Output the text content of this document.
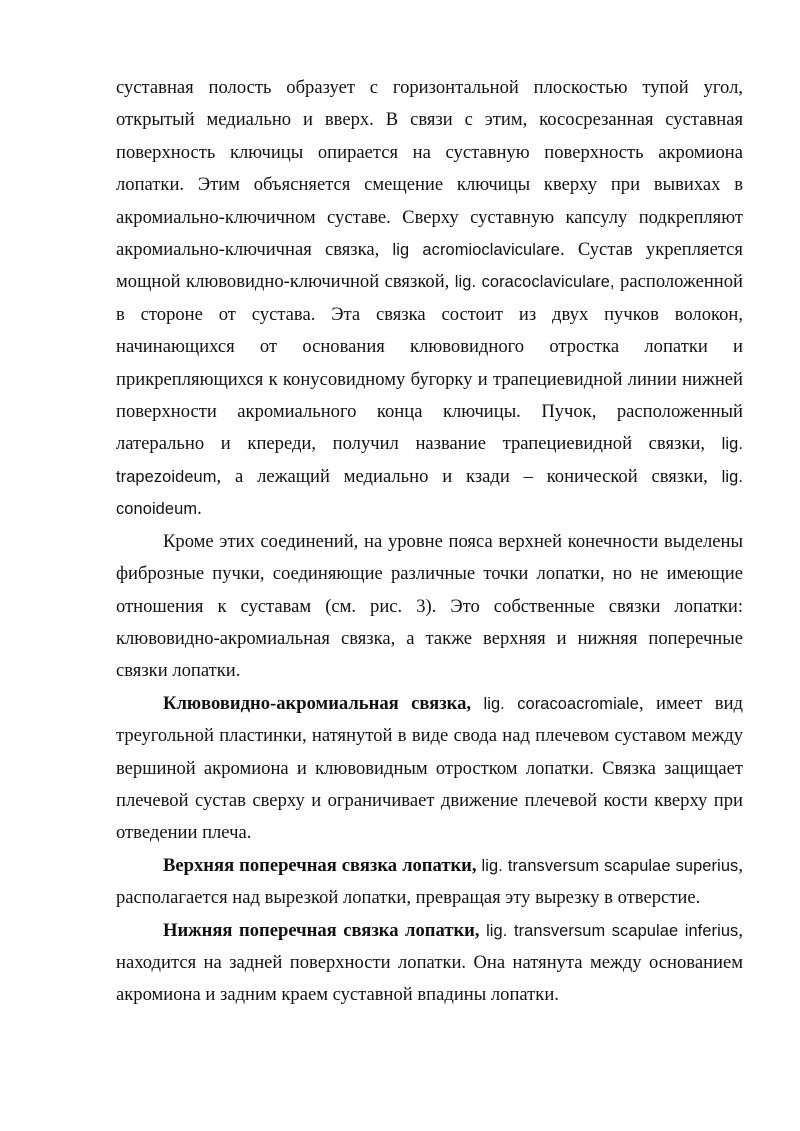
суставная полость образует с горизонтальной плоскостью тупой угол, открытый медиально и вверх. В связи с этим, кососрезанная суставная поверхность ключицы опирается на суставную поверхность акромиона лопатки. Этим объясняется смещение ключицы кверху при вывихах в акромиально-ключичном суставе. Сверху суставную капсулу подкрепляют акромиально-ключичная связка, lig acromioclaviculare. Сустав укрепляется мощной клювовидно-ключичной связкой, lig. coracoclaviculare, расположенной в стороне от сустава. Эта связка состоит из двух пучков волокон, начинающихся от основания клювовидного отростка лопатки и прикрепляющихся к конусовидному бугорку и трапециевидной линии нижней поверхности акромиального конца ключицы. Пучок, расположенный латерально и кпереди, получил название трапециевидной связки, lig. trapezoideum, а лежащий медиально и кзади – конической связки, lig. conoideum.

Кроме этих соединений, на уровне пояса верхней конечности выделены фиброзные пучки, соединяющие различные точки лопатки, но не имеющие отношения к суставам (см. рис. 3). Это собственные связки лопатки: клювовидно-акромиальная связка, а также верхняя и нижняя поперечные связки лопатки.

Клювовидно-акромиальная связка, lig. coracoacromiale, имеет вид треугольной пластинки, натянутой в виде свода над плечевом суставом между вершиной акромиона и клювовидным отростком лопатки. Связка защищает плечевой сустав сверху и ограничивает движение плечевой кости кверху при отведении плеча.

Верхняя поперечная связка лопатки, lig. transversum scapulae superius, располагается над вырезкой лопатки, превращая эту вырезку в отверстие.

Нижняя поперечная связка лопатки, lig. transversum scapulae inferius, находится на задней поверхности лопатки. Она натянута между основанием акромиона и задним краем суставной впадины лопатки.
